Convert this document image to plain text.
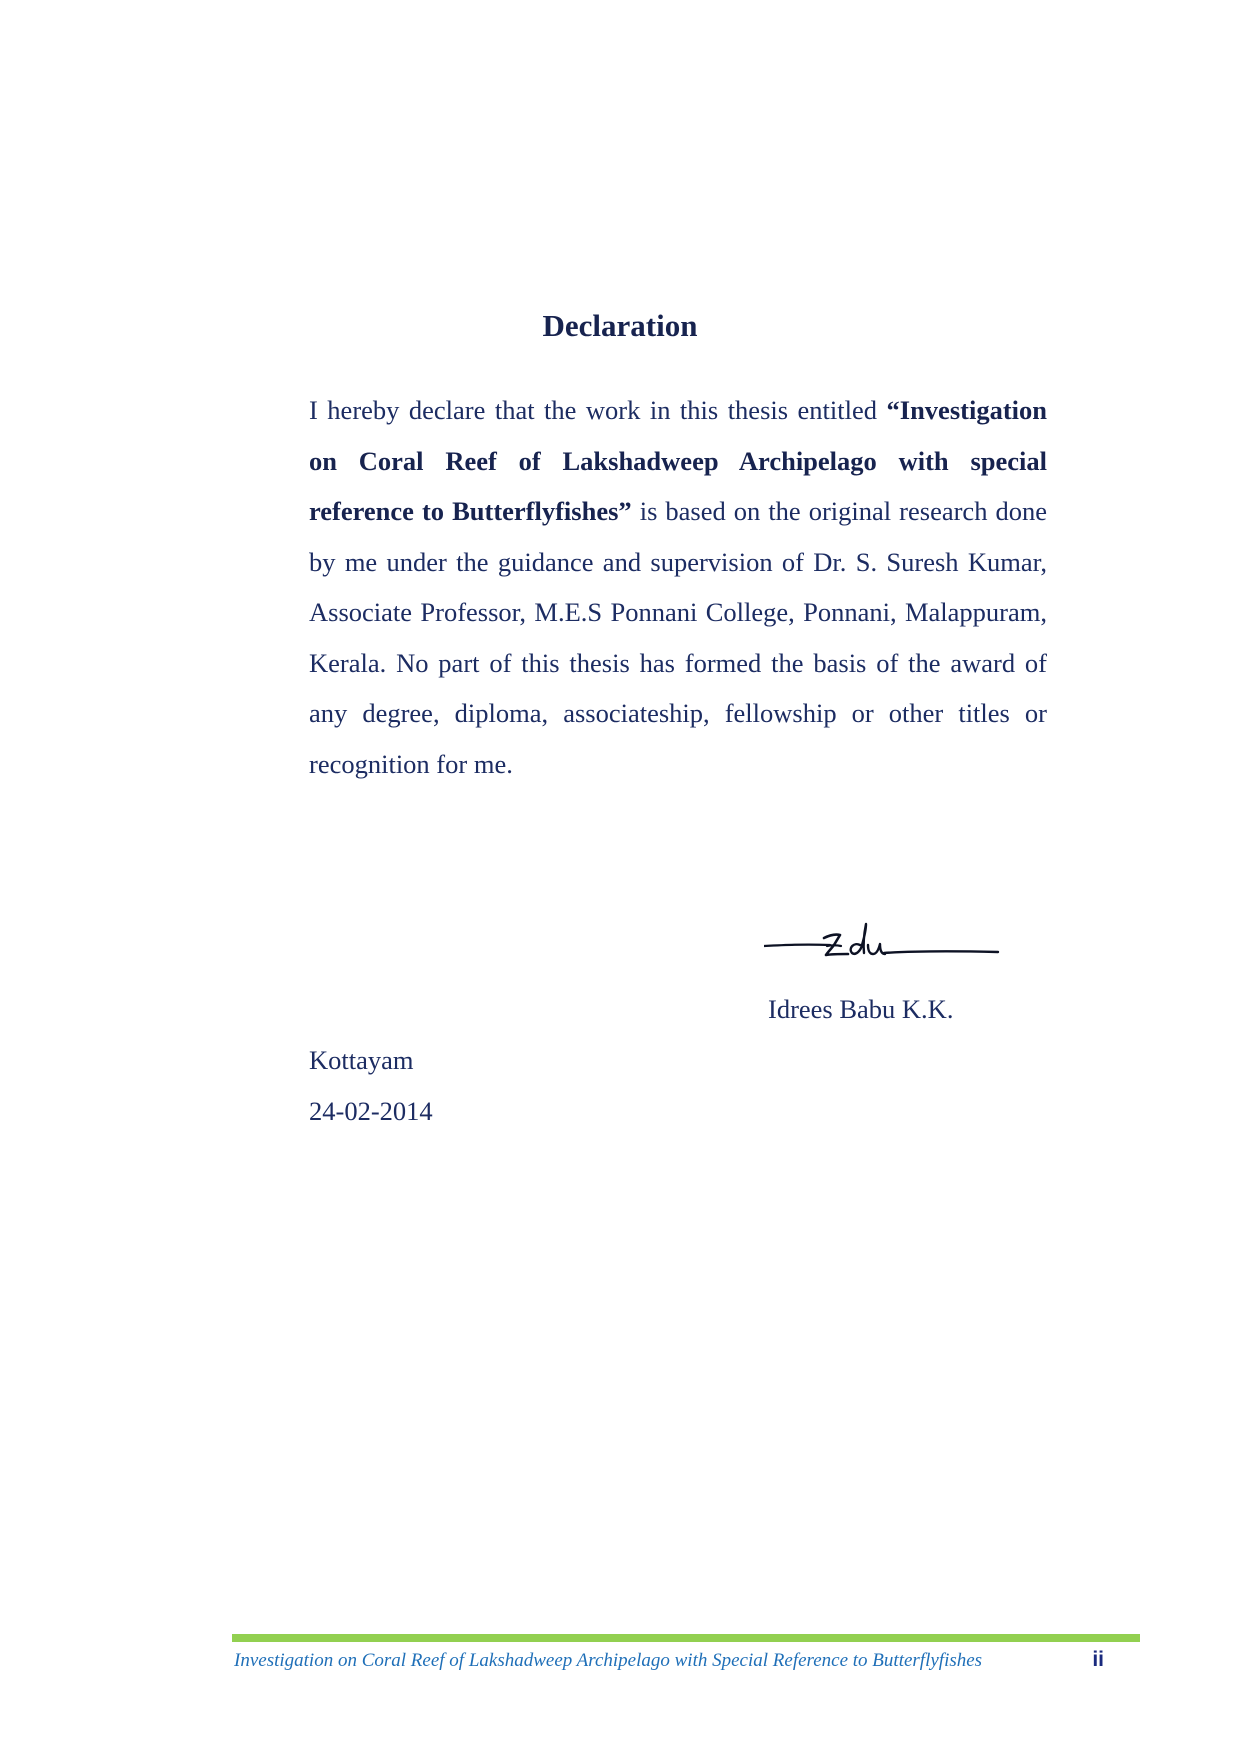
Declaration

I hereby declare that the work in this thesis entitled “Investigation on Coral Reef of Lakshadweep Archipelago with special reference to Butterflyfishes” is based on the original research done by me under the guidance and supervision of Dr. S. Suresh Kumar, Associate Professor, M.E.S Ponnani College, Ponnani, Malappuram, Kerala. No part of this thesis has formed the basis of the award of any degree, diploma, associateship, fellowship or other titles or recognition for me.

Idrees Babu K.K.
Kottayam
24-02-2014
Investigation on Coral Reef of Lakshadweep Archipelago with Special Reference to Butterflyfishes	ii
